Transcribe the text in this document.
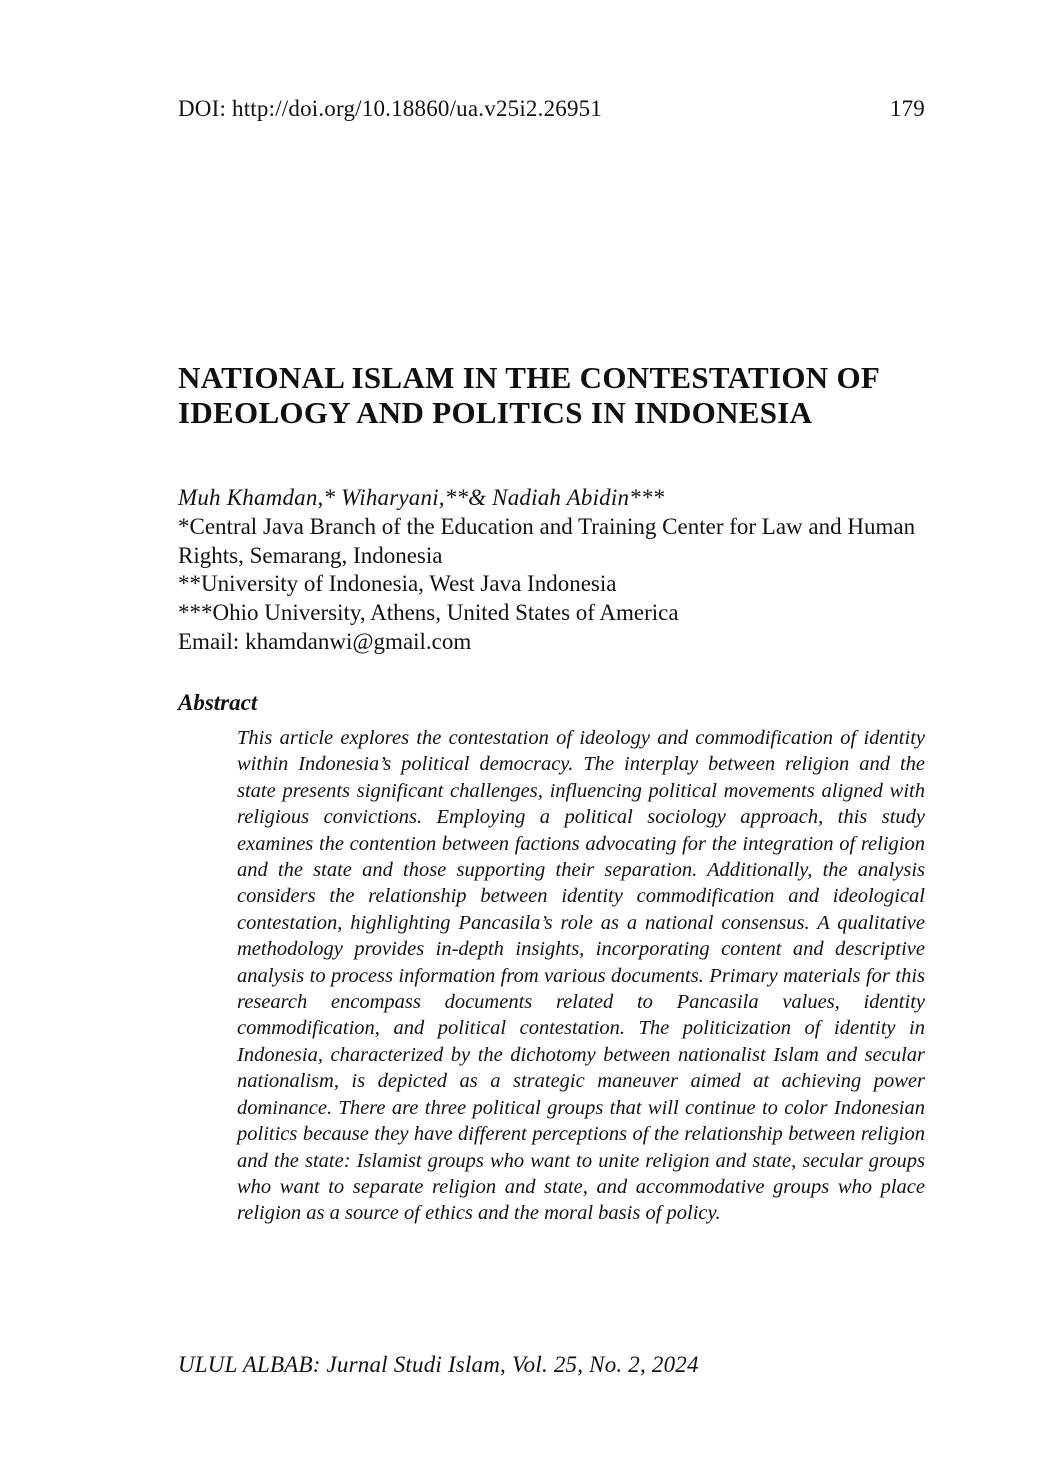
DOI: http://doi.org/10.18860/ua.v25i2.26951	179
NATIONAL ISLAM IN THE CONTESTATION OF
IDEOLOGY AND POLITICS IN INDONESIA

Muh Khamdan,* Wiharyani,**& Nadiah Abidin***

*Central Java Branch of the Education and Training Center for Law and Human Rights, Semarang, Indonesia

**University of Indonesia, West Java Indonesia

***Ohio University, Athens, United States of America

Email: khamdanwi@gmail.com

Abstract

This article explores the contestation of ideology and commodification of identity within Indonesia’s political democracy. The interplay between religion and the state presents significant challenges, influencing political movements aligned with religious convictions. Employing a political sociology approach, this study examines the contention between factions advocating for the integration of religion and the state and those supporting their separation. Additionally, the analysis considers the relationship between identity commodification and ideological contestation, highlighting Pancasila’s role as a national consensus. A qualitative methodology provides in-depth insights, incorporating content and descriptive analysis to process information from various documents. Primary materials for this research encompass documents related to Pancasila values, identity commodification, and political contestation. The politicization of identity in Indonesia, characterized by the dichotomy between nationalist Islam and secular nationalism, is depicted as a strategic maneuver aimed at achieving power dominance. There are three political groups that will continue to color Indonesian politics because they have different perceptions of the relationship between religion and the state: Islamist groups who want to unite religion and state, secular groups who want to separate religion and state, and accommodative groups who place religion as a source of ethics and the moral basis of policy.

ULUL ALBAB: Jurnal Studi Islam, Vol. 25, No. 2, 2024
